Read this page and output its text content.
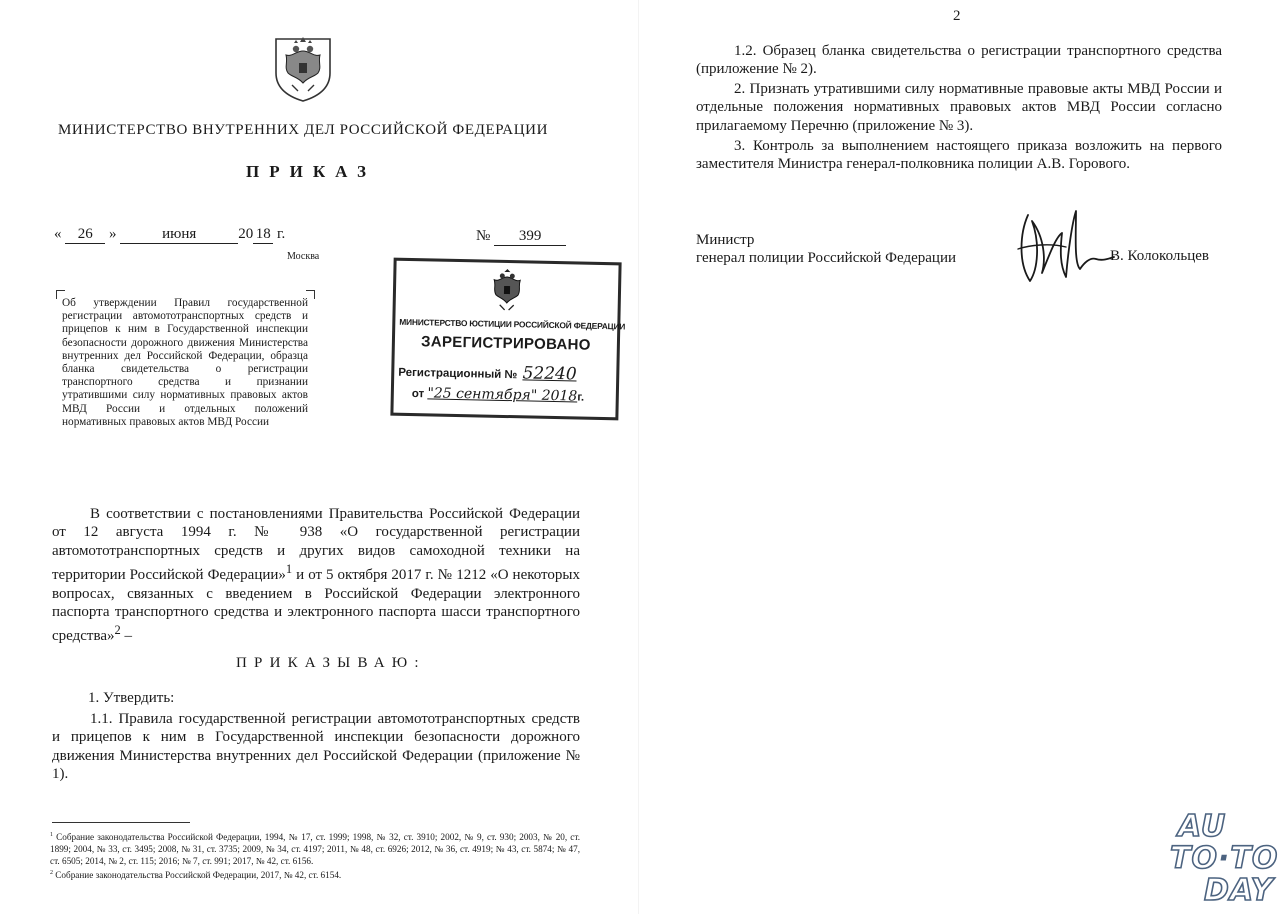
МИНИСТЕРСТВО ВНУТРЕННИХ ДЕЛ РОССИЙСКОЙ ФЕДЕРАЦИИ
ПРИКАЗ
« 26 »	июня	20 18 г.
Москва
№ 399
Об утверждении Правил государственной регистрации автомототранспортных средств и прицепов к ним в Государственной инспекции безопасности дорожного движения Министерства внутренних дел Российской Федерации, образца бланка свидетельства о регистрации транспортного средства и признании утратившими силу нормативных правовых актов МВД России и отдельных положений нормативных правовых актов МВД России
МИНИСТЕРСТВО ЮСТИЦИИ РОССИЙСКОЙ ФЕДЕРАЦИИ
ЗАРЕГИСТРИРОВАНО
Регистрационный № 52240
от "25 сентября" 2018г.
В соответствии с постановлениями Правительства Российской Федерации от 12 августа 1994 г. № 938 «О государственной регистрации автомототранспортных средств и других видов самоходной техники на территории Российской Федерации»$^1$ и от 5 октября 2017 г. № 1212 «О некоторых вопросах, связанных с введением в Российской Федерации электронного паспорта транспортного средства и электронного паспорта шасси транспортного средства»$^2$ –
ПРИКАЗЫВАЮ:
1. Утвердить:
1.1. Правила государственной регистрации автомототранспортных средств и прицепов к ним в Государственной инспекции безопасности дорожного движения Министерства внутренних дел Российской Федерации (приложение № 1).
$^1$ Собрание законодательства Российской Федерации, 1994, № 17, ст. 1999; 1998, № 32, ст. 3910; 2002, № 9, ст. 930; 2003, № 20, ст. 1899; 2004, № 33, ст. 3495; 2008, № 31, ст. 3735; 2009, № 34, ст. 4197; 2011, № 48, ст. 6926; 2012, № 36, ст. 4919; № 43, ст. 5874; № 47, ст. 6505; 2014, № 2, ст. 115; 2016; № 7, ст. 991; 2017, № 42, ст. 6156.
$^2$ Собрание законодательства Российской Федерации, 2017, № 42, ст. 6154.
2
1.2. Образец бланка свидетельства о регистрации транспортного средства (приложение № 2).
2. Признать утратившими силу нормативные правовые акты МВД России и отдельные положения нормативных правовых актов МВД России согласно прилагаемому Перечню (приложение № 3).
3. Контроль за выполнением настоящего приказа возложить на первого заместителя Министра генерал-полковника полиции А.В. Горового.
Министр
генерал полиции Российской Федерации	В. Колокольцев
AU
TO·TO
DAY
